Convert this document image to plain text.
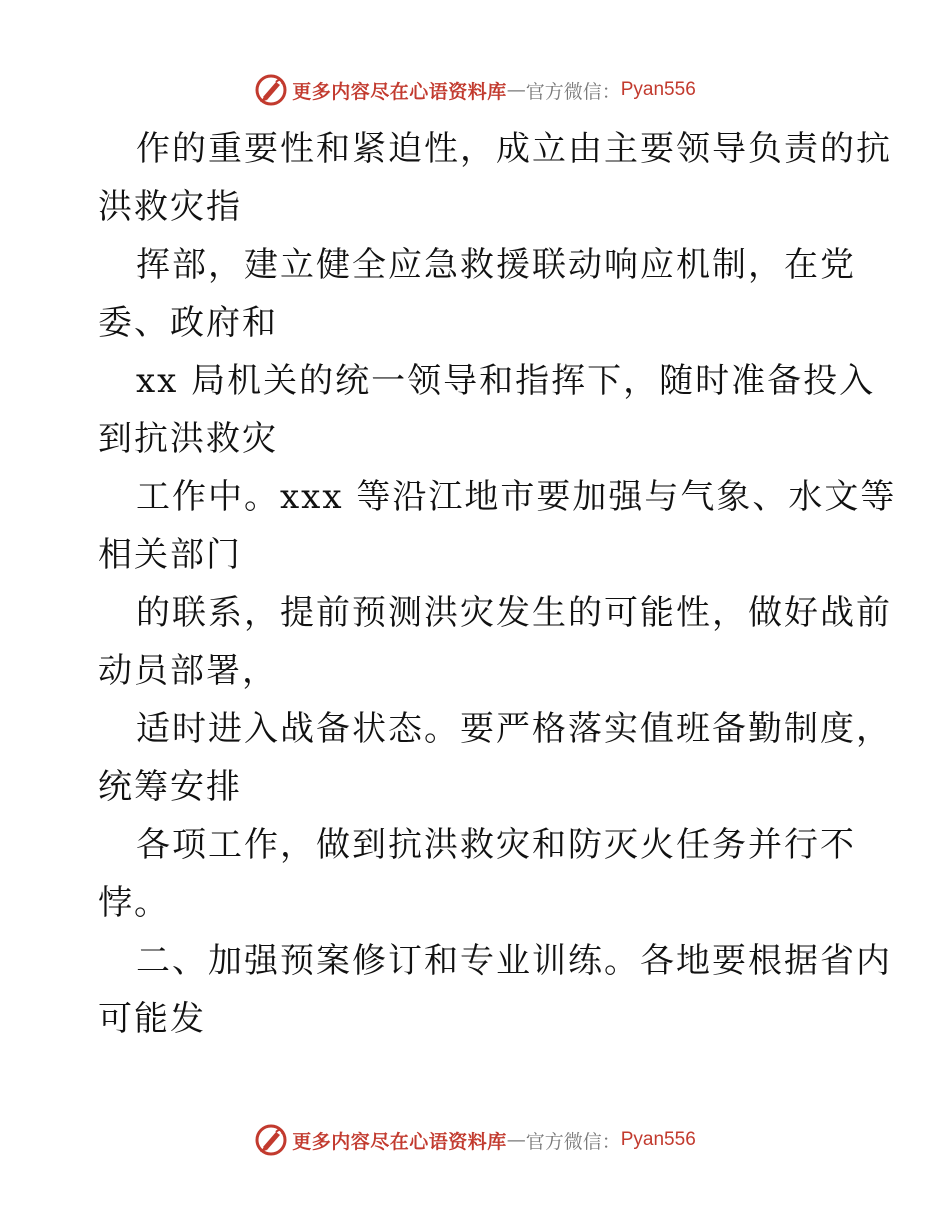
更多内容尽在心语资料库 — 官方微信： Pyan556
作的重要性和紧迫性，成立由主要领导负责的抗
洪救灾指
挥部，建立健全应急救援联动响应机制，在党
委、政府和
xx 局机关的统一领导和指挥下，随时准备投入
到抗洪救灾
工作中。xxx 等沿江地市要加强与气象、水文等
相关部门
的联系，提前预测洪灾发生的可能性，做好战前
动员部署，
适时进入战备状态。要严格落实值班备勤制度，
统筹安排
各项工作，做到抗洪救灾和防灭火任务并行不
悖。
二、加强预案修订和专业训练。各地要根据省内
可能发
更多内容尽在心语资料库 — 官方微信： Pyan556
